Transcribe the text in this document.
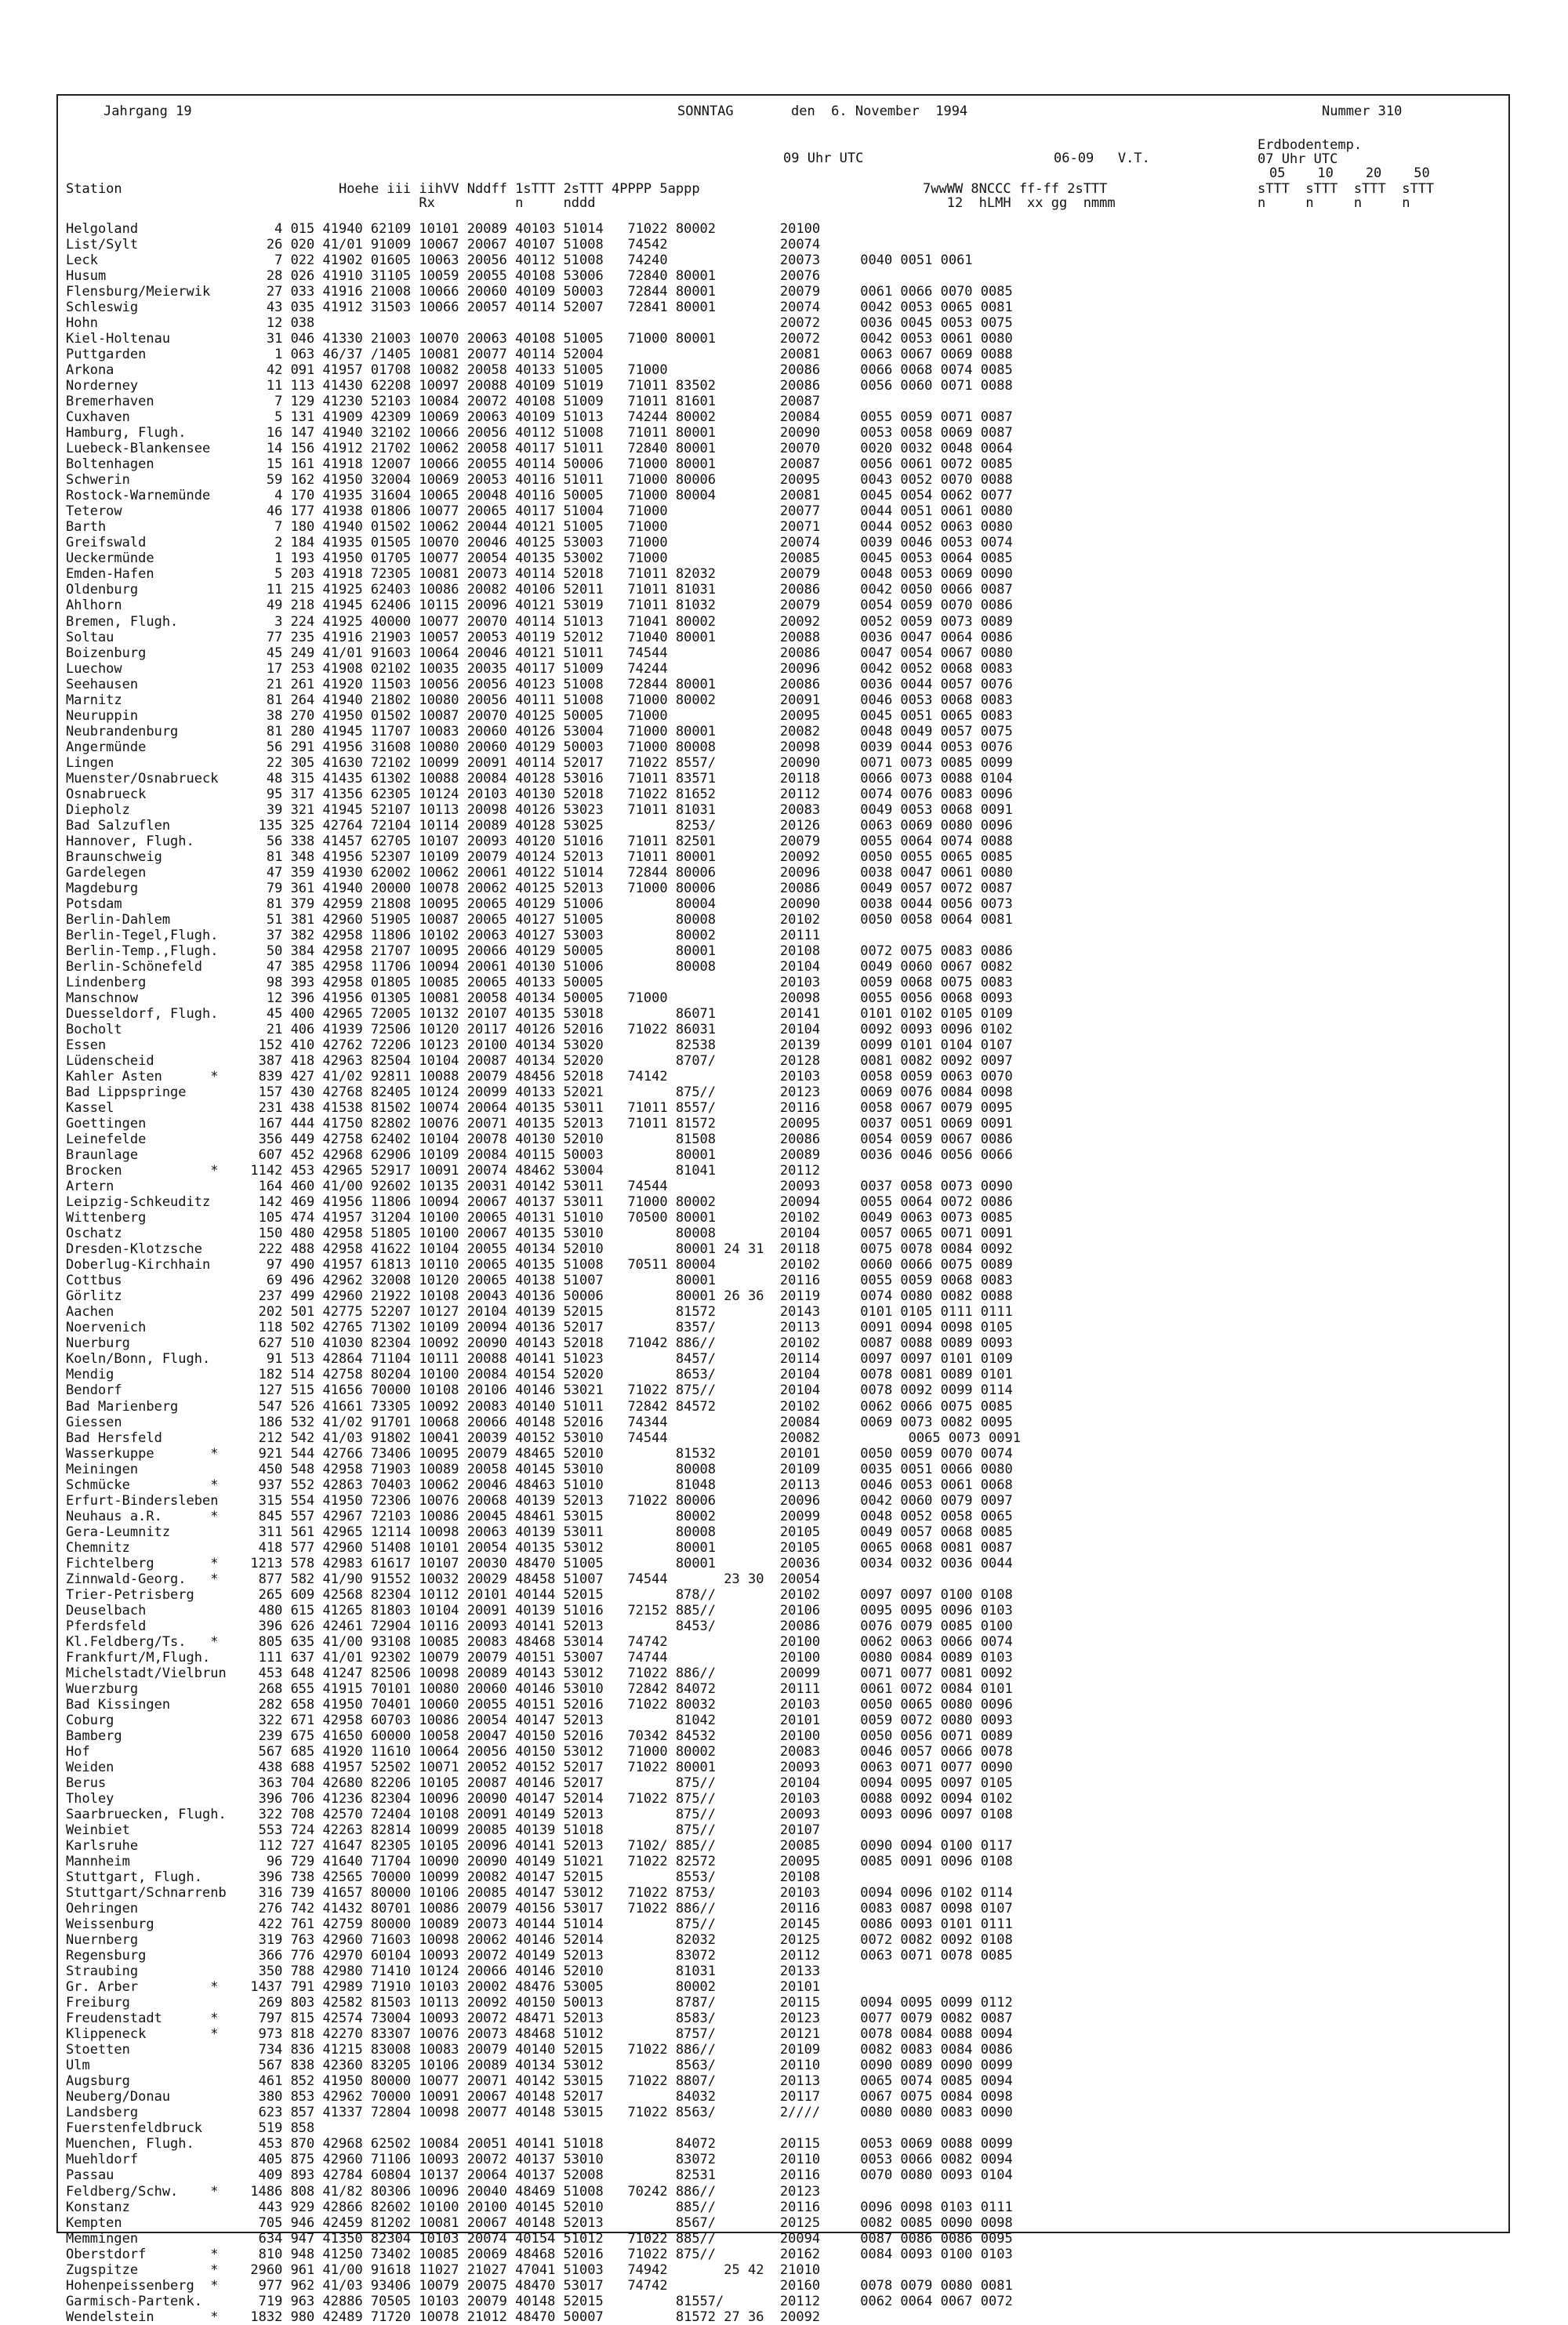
Jahrgang 19	SONNTAG	den  6. November  1994	Nummer 310
09 Uhr UTC	06-09   V.T.
Erdbodentemp.
07 Uhr UTC
05    10    20    50
Station	Hoehe iii iihVV Nddff 1sTTT 2sTTT 4PPPP 5appp	7wwWW 8NCCC ff-ff 2sTTT	sTTT  sTTT  sTTT  sTTT
Rx          n     nddd	12  hLMH  xx gg  nmmm	n     n     n     n
Helgoland                 4 015 41940 62109 10101 20089 40103 51014   71022 80002        20100
List/Sylt                26 020 41/01 91009 10067 20067 40107 51008   74542              20074
Leck                      7 022 41902 01605 10063 20056 40112 51008   74240              20073     0040 0051 0061
Husum                    28 026 41910 31105 10059 20055 40108 53006   72840 80001        20076
Flensburg/Meierwik       27 033 41916 21008 10066 20060 40109 50003   72844 80001        20079     0061 0066 0070 0085
Schleswig                43 035 41912 31503 10066 20057 40114 52007   72841 80001        20074     0042 0053 0065 0081
Hohn                     12 038                                                          20072     0036 0045 0053 0075
Kiel-Holtenau            31 046 41330 21003 10070 20063 40108 51005   71000 80001        20072     0042 0053 0061 0080
Puttgarden                1 063 46/37 /1405 10081 20077 40114 52004                      20081     0063 0067 0069 0088
Arkona                   42 091 41957 01708 10082 20058 40133 51005   71000              20086     0066 0068 0074 0085
Norderney                11 113 41430 62208 10097 20088 40109 51019   71011 83502        20086     0056 0060 0071 0088
Bremerhaven               7 129 41230 52103 10084 20072 40108 51009   71011 81601        20087
Cuxhaven                  5 131 41909 42309 10069 20063 40109 51013   74244 80002        20084     0055 0059 0071 0087
Hamburg, Flugh.          16 147 41940 32102 10066 20056 40112 51008   71011 80001        20090     0053 0058 0069 0087
Luebeck-Blankensee       14 156 41912 21702 10062 20058 40117 51011   72840 80001        20070     0020 0032 0048 0064
Boltenhagen              15 161 41918 12007 10066 20055 40114 50006   71000 80001        20087     0056 0061 0072 0085
Schwerin                 59 162 41950 32004 10069 20053 40116 51011   71000 80006        20095     0043 0052 0070 0088
Rostock-Warnemünde        4 170 41935 31604 10065 20048 40116 50005   71000 80004        20081     0045 0054 0062 0077
Teterow                  46 177 41938 01806 10077 20065 40117 51004   71000              20077     0044 0051 0061 0080
Barth                     7 180 41940 01502 10062 20044 40121 51005   71000              20071     0044 0052 0063 0080
Greifswald                2 184 41935 01505 10070 20046 40125 53003   71000              20074     0039 0046 0053 0074
Ueckermünde               1 193 41950 01705 10077 20054 40135 53002   71000              20085     0045 0053 0064 0085
Emden-Hafen               5 203 41918 72305 10081 20073 40114 52018   71011 82032        20079     0048 0053 0069 0090
Oldenburg                11 215 41925 62403 10086 20082 40106 52011   71011 81031        20086     0042 0050 0066 0087
Ahlhorn                  49 218 41945 62406 10115 20096 40121 53019   71011 81032        20079     0054 0059 0070 0086
Bremen, Flugh.            3 224 41925 40000 10077 20070 40114 51013   71041 80002        20092     0052 0059 0073 0089
Soltau                   77 235 41916 21903 10057 20053 40119 52012   71040 80001        20088     0036 0047 0064 0086
Boizenburg               45 249 41/01 91603 10064 20046 40121 51011   74544              20086     0047 0054 0067 0080
Luechow                  17 253 41908 02102 10035 20035 40117 51009   74244              20096     0042 0052 0068 0083
Seehausen                21 261 41920 11503 10056 20056 40123 51008   72844 80001        20086     0036 0044 0057 0076
Marnitz                  81 264 41940 21802 10080 20056 40111 51008   71000 80002        20091     0046 0053 0068 0083
Neuruppin                38 270 41950 01502 10087 20070 40125 50005   71000              20095     0045 0051 0065 0083
Neubrandenburg           81 280 41945 11707 10083 20060 40126 53004   71000 80001        20082     0048 0049 0057 0075
Angermünde               56 291 41956 31608 10080 20060 40129 50003   71000 80008        20098     0039 0044 0053 0076
Lingen                   22 305 41630 72102 10099 20091 40114 52017   71022 8557/        20090     0071 0073 0085 0099
Muenster/Osnabrueck      48 315 41435 61302 10088 20084 40128 53016   71011 83571        20118     0066 0073 0088 0104
Osnabrueck               95 317 41356 62305 10124 20103 40130 52018   71022 81652        20112     0074 0076 0083 0096
Diepholz                 39 321 41945 52107 10113 20098 40126 53023   71011 81031        20083     0049 0053 0068 0091
Bad Salzuflen           135 325 42764 72104 10114 20089 40128 53025         8253/        20126     0063 0069 0080 0096
Hannover, Flugh.         56 338 41457 62705 10107 20093 40120 51016   71011 82501        20079     0055 0064 0074 0088
Braunschweig             81 348 41956 52307 10109 20079 40124 52013   71011 80001        20092     0050 0055 0065 0085
Gardelegen               47 359 41930 62002 10062 20061 40122 51014   72844 80006        20096     0038 0047 0061 0080
Magdeburg                79 361 41940 20000 10078 20062 40125 52013   71000 80006        20086     0049 0057 0072 0087
Potsdam                  81 379 42959 21808 10095 20065 40129 51006         80004        20090     0038 0044 0056 0073
Berlin-Dahlem            51 381 42960 51905 10087 20065 40127 51005         80008        20102     0050 0058 0064 0081
Berlin-Tegel,Flugh.      37 382 42958 11806 10102 20063 40127 53003         80002        20111
Berlin-Temp.,Flugh.      50 384 42958 21707 10095 20066 40129 50005         80001        20108     0072 0075 0083 0086
Berlin-Schönefeld        47 385 42958 11706 10094 20061 40130 51006         80008        20104     0049 0060 0067 0082
Lindenberg               98 393 42958 01805 10085 20065 40133 50005                      20103     0059 0068 0075 0083
Manschnow                12 396 41956 01305 10081 20058 40134 50005   71000              20098     0055 0056 0068 0093
Duesseldorf, Flugh.      45 400 42965 72005 10132 20107 40135 53018         86071        20141     0101 0102 0105 0109
Bocholt                  21 406 41939 72506 10120 20117 40126 52016   71022 86031        20104     0092 0093 0096 0102
Essen                   152 410 42762 72206 10123 20100 40134 53020         82538        20139     0099 0101 0104 0107
Lüdenscheid             387 418 42963 82504 10104 20087 40134 52020         8707/        20128     0081 0082 0092 0097
Kahler Asten      *     839 427 41/02 92811 10088 20079 48456 52018   74142              20103     0058 0059 0063 0070
Bad Lippspringe         157 430 42768 82405 10124 20099 40133 52021         875//        20123     0069 0076 0084 0098
Kassel                  231 438 41538 81502 10074 20064 40135 53011   71011 8557/        20116     0058 0067 0079 0095
Goettingen              167 444 41750 82802 10076 20071 40135 52013   71011 81572        20095     0037 0051 0069 0091
Leinefelde              356 449 42758 62402 10104 20078 40130 52010         81508        20086     0054 0059 0067 0086
Braunlage               607 452 42968 62906 10109 20084 40115 50003         80001        20089     0036 0046 0056 0066
Brocken           *    1142 453 42965 52917 10091 20074 48462 53004         81041        20112
Artern                  164 460 41/00 92602 10135 20031 40142 53011   74544              20093     0037 0058 0073 0090
Leipzig-Schkeuditz      142 469 41956 11806 10094 20067 40137 53011   71000 80002        20094     0055 0064 0072 0086
Wittenberg              105 474 41957 31204 10100 20065 40131 51010   70500 80001        20102     0049 0063 0073 0085
Oschatz                 150 480 42958 51805 10100 20067 40135 53010         80008        20104     0057 0065 0071 0091
Dresden-Klotzsche       222 488 42958 41622 10104 20055 40134 52010         80001 24 31  20118     0075 0078 0084 0092
Doberlug-Kirchhain       97 490 41957 61813 10110 20065 40135 51008   70511 80004        20102     0060 0066 0075 0089
Cottbus                  69 496 42962 32008 10120 20065 40138 51007         80001        20116     0055 0059 0068 0083
Görlitz                 237 499 42960 21922 10108 20043 40136 50006         80001 26 36  20119     0074 0080 0082 0088
Aachen                  202 501 42775 52207 10127 20104 40139 52015         81572        20143     0101 0105 0111 0111
Noervenich              118 502 42765 71302 10109 20094 40136 52017         8357/        20113     0091 0094 0098 0105
Nuerburg                627 510 41030 82304 10092 20090 40143 52018   71042 886//        20102     0087 0088 0089 0093
Koeln/Bonn, Flugh.       91 513 42864 71104 10111 20088 40141 51023         8457/        20114     0097 0097 0101 0109
Mendig                  182 514 42758 80204 10100 20084 40154 52020         8653/        20104     0078 0081 0089 0101
Bendorf                 127 515 41656 70000 10108 20106 40146 53021   71022 875//        20104     0078 0092 0099 0114
Bad Marienberg          547 526 41661 73305 10092 20083 40140 51011   72842 84572        20102     0062 0066 0075 0085
Giessen                 186 532 41/02 91701 10068 20066 40148 52016   74344              20084     0069 0073 0082 0095
Bad Hersfeld            212 542 41/03 91802 10041 20039 40152 53010   74544              20082           0065 0073 0091
Wasserkuppe       *     921 544 42766 73406 10095 20079 48465 52010         81532        20101     0050 0059 0070 0074
Meiningen               450 548 42958 71903 10089 20058 40145 53010         80008        20109     0035 0051 0066 0080
Schmücke          *     937 552 42863 70403 10062 20046 48463 51010         81048        20113     0046 0053 0061 0068
Erfurt-Bindersleben     315 554 41950 72306 10076 20068 40139 52013   71022 80006        20096     0042 0060 0079 0097
Neuhaus a.R.      *     845 557 42967 72103 10086 20045 48461 53015         80002        20099     0048 0052 0058 0065
Gera-Leumnitz           311 561 42965 12114 10098 20063 40139 53011         80008        20105     0049 0057 0068 0085
Chemnitz                418 577 42960 51408 10101 20054 40135 53012         80001        20105     0065 0068 0081 0087
Fichtelberg       *    1213 578 42983 61617 10107 20030 48470 51005         80001        20036     0034 0032 0036 0044
Zinnwald-Georg.   *     877 582 41/90 91552 10032 20029 48458 51007   74544       23 30  20054
Trier-Petrisberg        265 609 42568 82304 10112 20101 40144 52015         878//        20102     0097 0097 0100 0108
Deuselbach              480 615 41265 81803 10104 20091 40139 51016   72152 885//        20106     0095 0095 0096 0103
Pferdsfeld              396 626 42461 72904 10116 20093 40141 52013         8453/        20086     0076 0079 0085 0100
Kl.Feldberg/Ts.   *     805 635 41/00 93108 10085 20083 48468 53014   74742              20100     0062 0063 0066 0074
Frankfurt/M,Flugh.      111 637 41/01 92302 10079 20079 40151 53007   74744              20100     0080 0084 0089 0103
Michelstadt/Vielbrun    453 648 41247 82506 10098 20089 40143 53012   71022 886//        20099     0071 0077 0081 0092
Wuerzburg               268 655 41915 70101 10080 20060 40146 53010   72842 84072        20111     0061 0072 0084 0101
Bad Kissingen           282 658 41950 70401 10060 20055 40151 52016   71022 80032        20103     0050 0065 0080 0096
Coburg                  322 671 42958 60703 10086 20054 40147 52013         81042        20101     0059 0072 0080 0093
Bamberg                 239 675 41650 60000 10058 20047 40150 52016   70342 84532        20100     0050 0056 0071 0089
Hof                     567 685 41920 11610 10064 20056 40150 53012   71000 80002        20083     0046 0057 0066 0078
Weiden                  438 688 41957 52502 10071 20052 40152 52017   71022 80001        20093     0063 0071 0077 0090
Berus                   363 704 42680 82206 10105 20087 40146 52017         875//        20104     0094 0095 0097 0105
Tholey                  396 706 41236 82304 10096 20090 40147 52014   71022 875//        20103     0088 0092 0094 0102
Saarbruecken, Flugh.    322 708 42570 72404 10108 20091 40149 52013         875//        20093     0093 0096 0097 0108
Weinbiet                553 724 42263 82814 10099 20085 40139 51018         875//        20107
Karlsruhe               112 727 41647 82305 10105 20096 40141 52013   7102/ 885//        20085     0090 0094 0100 0117
Mannheim                 96 729 41640 71704 10090 20090 40149 51021   71022 82572        20095     0085 0091 0096 0108
Stuttgart, Flugh.       396 738 42565 70000 10099 20082 40147 52015         8553/        20108
Stuttgart/Schnarrenb    316 739 41657 80000 10106 20085 40147 53012   71022 8753/        20103     0094 0096 0102 0114
Oehringen               276 742 41432 80701 10086 20079 40156 53017   71022 886//        20116     0083 0087 0098 0107
Weissenburg             422 761 42759 80000 10089 20073 40144 51014         875//        20145     0086 0093 0101 0111
Nuernberg               319 763 42960 71603 10098 20062 40146 52014         82032        20125     0072 0082 0092 0108
Regensburg              366 776 42970 60104 10093 20072 40149 52013         83072        20112     0063 0071 0078 0085
Straubing               350 788 42980 71410 10124 20066 40146 52010         81031        20133
Gr. Arber         *    1437 791 42989 71910 10103 20002 48476 53005         80002        20101
Freiburg                269 803 42582 81503 10113 20092 40150 50013         8787/        20115     0094 0095 0099 0112
Freudenstadt      *     797 815 42574 73004 10093 20072 48471 52013         8583/        20123     0077 0079 0082 0087
Klippeneck        *     973 818 42270 83307 10076 20073 48468 51012         8757/        20121     0078 0084 0088 0094
Stoetten                734 836 41215 83008 10083 20079 40140 52015   71022 886//        20109     0082 0083 0084 0086
Ulm                     567 838 42360 83205 10106 20089 40134 53012         8563/        20110     0090 0089 0090 0099
Augsburg                461 852 41950 80000 10077 20071 40142 53015   71022 8807/        20113     0065 0074 0085 0094
Neuberg/Donau           380 853 42962 70000 10091 20067 40148 52017         84032        20117     0067 0075 0084 0098
Landsberg               623 857 41337 72804 10098 20077 40148 53015   71022 8563/        2////     0080 0080 0083 0090
Fuerstenfeldbruck       519 858
Muenchen, Flugh.        453 870 42968 62502 10084 20051 40141 51018         84072        20115     0053 0069 0088 0099
Muehldorf               405 875 42960 71106 10093 20072 40137 53010         83072        20110     0053 0066 0082 0094
Passau                  409 893 42784 60804 10137 20064 40137 52008         82531        20116     0070 0080 0093 0104
Feldberg/Schw.    *    1486 808 41/82 80306 10096 20040 48469 51008   70242 886//        20123
Konstanz                443 929 42866 82602 10100 20100 40145 52010         885//        20116     0096 0098 0103 0111
Kempten                 705 946 42459 81202 10081 20067 40148 52013         8567/        20125     0082 0085 0090 0098
Memmingen               634 947 41350 82304 10103 20074 40154 51012   71022 885//        20094     0087 0086 0086 0095
Oberstdorf        *     810 948 41250 73402 10085 20069 48468 52016   71022 875//        20162     0084 0093 0100 0103
Zugspitze         *    2960 961 41/00 91618 11027 21027 47041 51003   74942       25 42  21010
Hohenpeissenberg  *     977 962 41/03 93406 10079 20075 48470 53017   74742              20160     0078 0079 0080 0081
Garmisch-Partenk.       719 963 42886 70505 10103 20079 40148 52015         81557/       20112     0062 0064 0067 0072
Wendelstein       *    1832 980 42489 71720 10078 21012 48470 50007         81572 27 36  20092
